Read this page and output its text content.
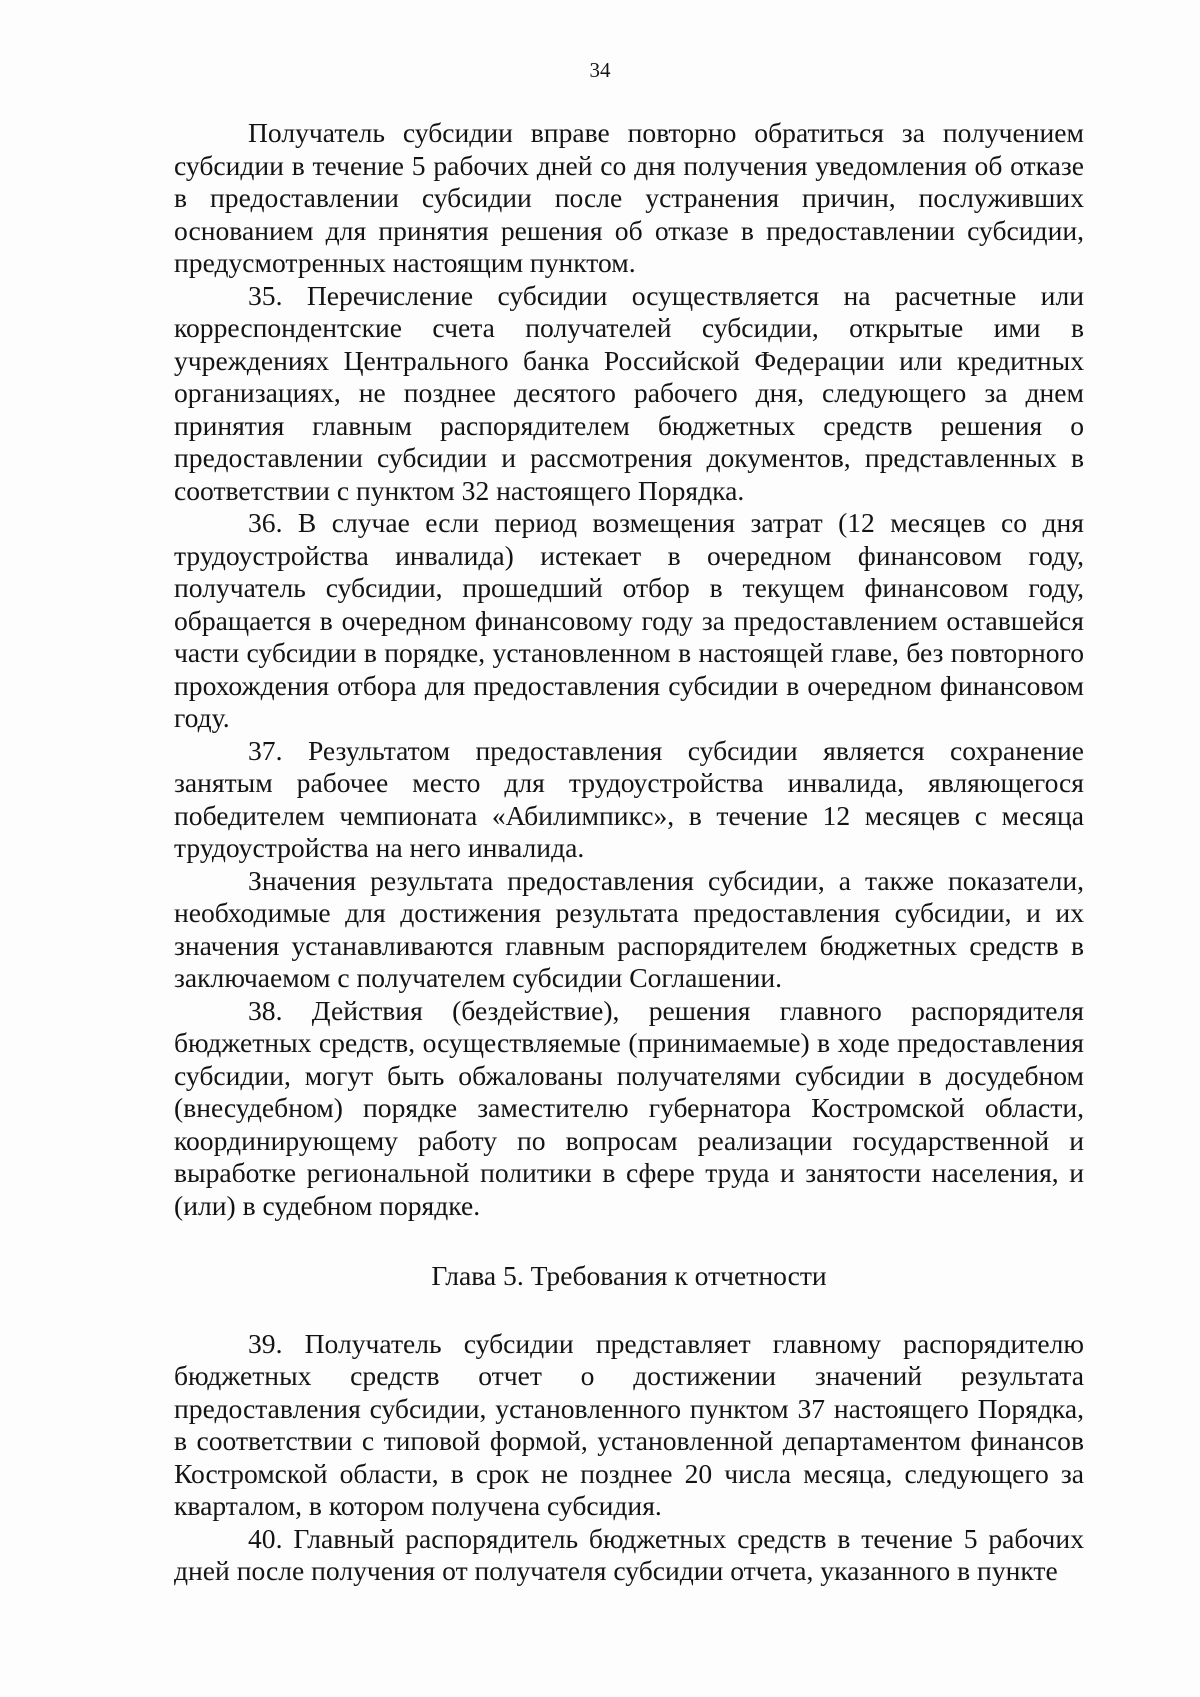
34

Получатель субсидии вправе повторно обратиться за получением субсидии в течение 5 рабочих дней со дня получения уведомления об отказе в предоставлении субсидии после устранения причин, послуживших основанием для принятия решения об отказе в предоставлении субсидии, предусмотренных настоящим пунктом.

35. Перечисление субсидии осуществляется на расчетные или корреспондентские счета получателей субсидии, открытые ими в учреждениях Центрального банка Российской Федерации или кредитных организациях, не позднее десятого рабочего дня, следующего за днем принятия главным распорядителем бюджетных средств решения о предоставлении субсидии и рассмотрения документов, представленных в соответствии с пунктом 32 настоящего Порядка.

36. В случае если период возмещения затрат (12 месяцев со дня трудоустройства инвалида) истекает в очередном финансовом году, получатель субсидии, прошедший отбор в текущем финансовом году, обращается в очередном финансовому году за предоставлением оставшейся части субсидии в порядке, установленном в настоящей главе, без повторного прохождения отбора для предоставления субсидии в очередном финансовом году.

37. Результатом предоставления субсидии является сохранение занятым рабочее место для трудоустройства инвалида, являющегося победителем чемпионата «Абилимпикс», в течение 12 месяцев с месяца трудоустройства на него инвалида.

Значения результата предоставления субсидии, а также показатели, необходимые для достижения результата предоставления субсидии, и их значения устанавливаются главным распорядителем бюджетных средств в заключаемом с получателем субсидии Соглашении.

38. Действия (бездействие), решения главного распорядителя бюджетных средств, осуществляемые (принимаемые) в ходе предоставления субсидии, могут быть обжалованы получателями субсидии в досудебном (внесудебном) порядке заместителю губернатора Костромской области, координирующему работу по вопросам реализации государственной и выработке региональной политики в сфере труда и занятости населения, и (или) в судебном порядке.

Глава 5. Требования к отчетности

39. Получатель субсидии представляет главному распорядителю бюджетных средств отчет о достижении значений результата предоставления субсидии, установленного пунктом 37 настоящего Порядка, в соответствии с типовой формой, установленной департаментом финансов Костромской области, в срок не позднее 20 числа месяца, следующего за кварталом, в котором получена субсидия.

40. Главный распорядитель бюджетных средств в течение 5 рабочих дней после получения от получателя субсидии отчета, указанного в пункте
